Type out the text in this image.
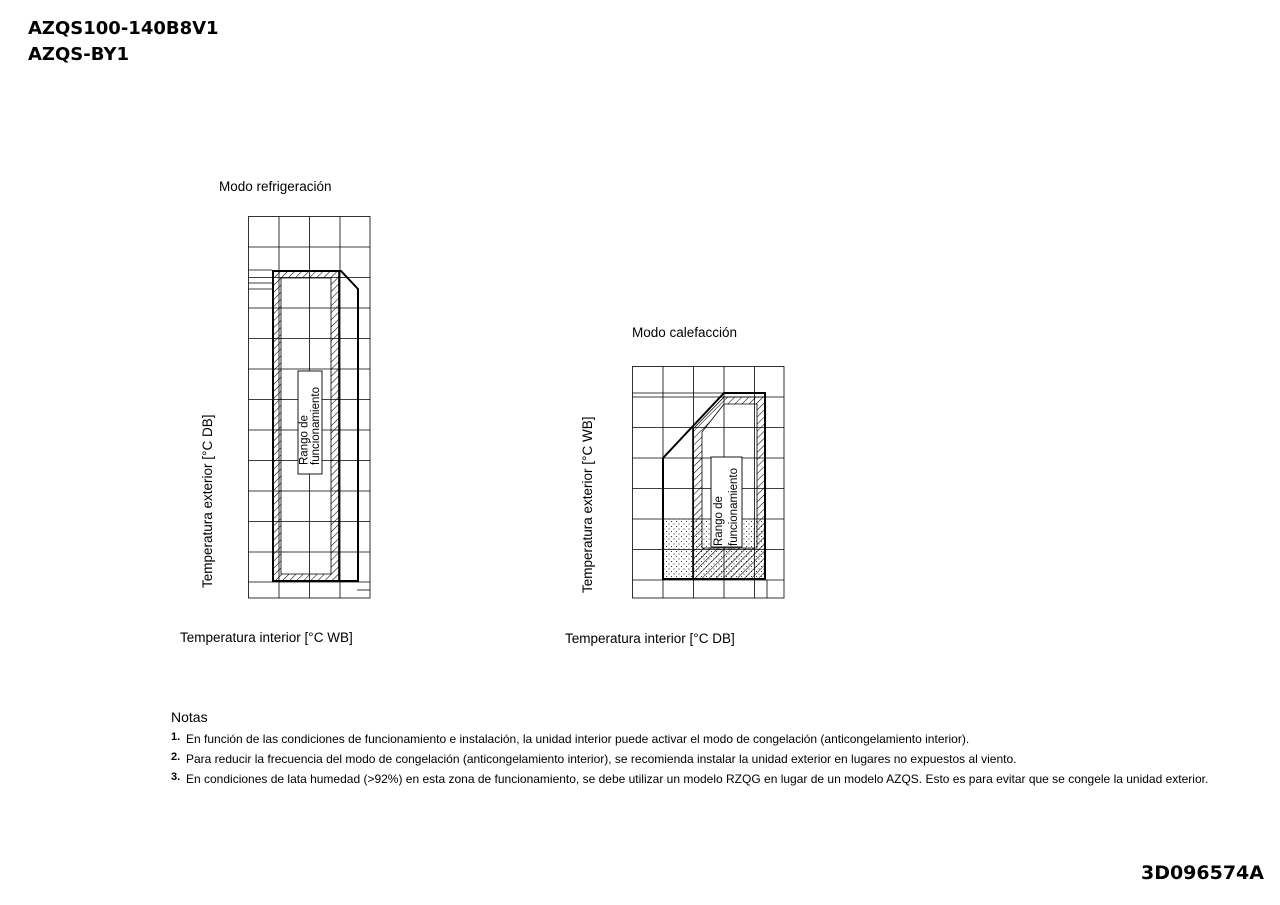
AZQS100-140B8V1
AZQS-BY1
Modo refrigeración
Rango de funcionamiento
Temperatura exterior [°C DB]
Temperatura interior [°C WB]
Modo calefacción
Rango de funcionamiento
Temperatura exterior [°C WB]
Temperatura interior [°C DB]
Notas
1. En función de las condiciones de funcionamiento e instalación, la unidad interior puede activar el modo de congelación (anticongelamiento interior).
2. Para reducir la frecuencia del modo de congelación (anticongelamiento interior), se recomienda instalar la unidad exterior en lugares no expuestos al viento.
3. En condiciones de lata humedad (>92%) en esta zona de funcionamiento, se debe utilizar un modelo RZQG en lugar de un modelo AZQS. Esto es para evitar que se congele la unidad exterior.
3D096574A
